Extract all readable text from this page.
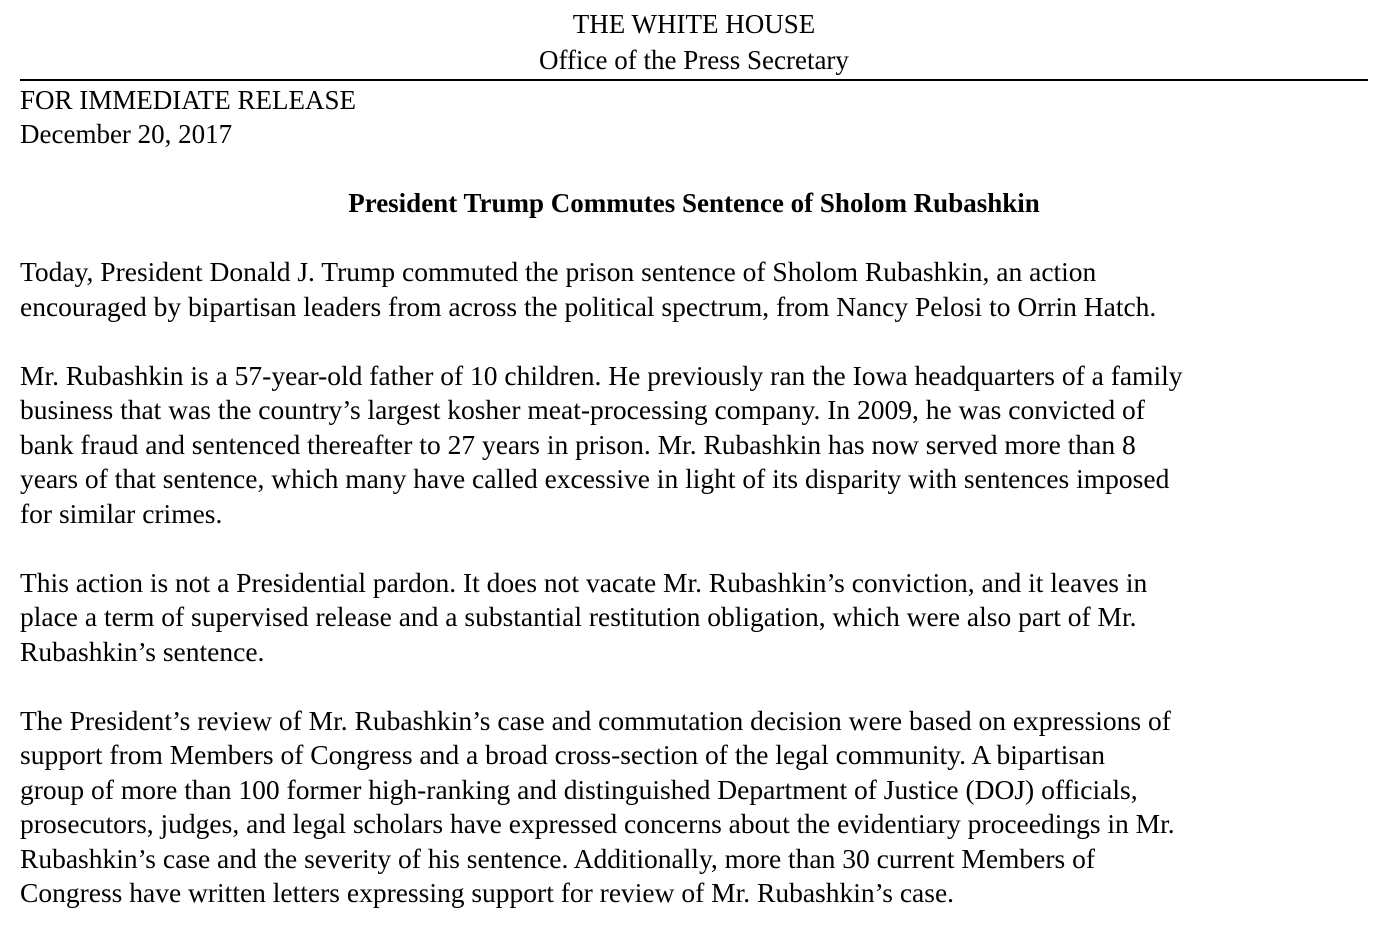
THE WHITE HOUSE
Office of the Press Secretary
FOR IMMEDIATE RELEASE
December 20, 2017
President Trump Commutes Sentence of Sholom Rubashkin

Today, President Donald J. Trump commuted the prison sentence of Sholom Rubashkin, an action
encouraged by bipartisan leaders from across the political spectrum, from Nancy Pelosi to Orrin Hatch.

Mr. Rubashkin is a 57-year-old father of 10 children. He previously ran the Iowa headquarters of a family
business that was the country’s largest kosher meat-processing company. In 2009, he was convicted of
bank fraud and sentenced thereafter to 27 years in prison. Mr. Rubashkin has now served more than 8
years of that sentence, which many have called excessive in light of its disparity with sentences imposed
for similar crimes.

This action is not a Presidential pardon. It does not vacate Mr. Rubashkin’s conviction, and it leaves in
place a term of supervised release and a substantial restitution obligation, which were also part of Mr.
Rubashkin’s sentence.

The President’s review of Mr. Rubashkin’s case and commutation decision were based on expressions of
support from Members of Congress and a broad cross-section of the legal community. A bipartisan
group of more than 100 former high-ranking and distinguished Department of Justice (DOJ) officials,
prosecutors, judges, and legal scholars have expressed concerns about the evidentiary proceedings in Mr.
Rubashkin’s case and the severity of his sentence. Additionally, more than 30 current Members of
Congress have written letters expressing support for review of Mr. Rubashkin’s case.
